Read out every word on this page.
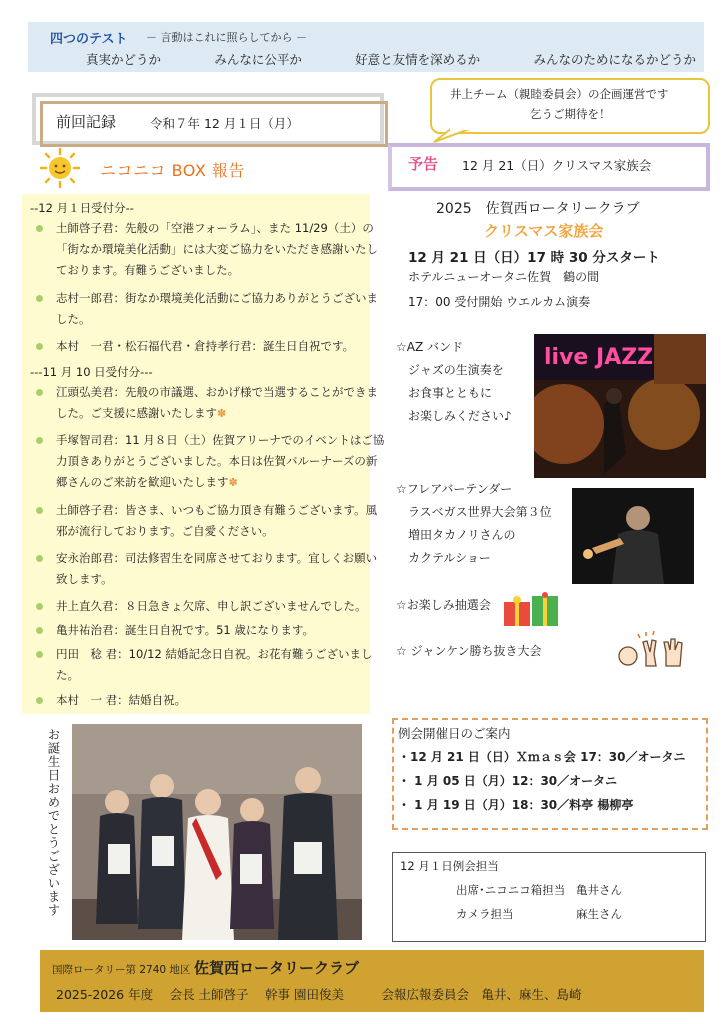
四つのテスト － 言動はこれに照らしてから －
真実かどうか	みんなに公平か	好意と友情を深めるか	みんなのためになるかどうか
前回記録	令和７年 12 月１日（月）
井上チーム（親睦委員会）の企画運営です
乞うご期待を！
予告 12 月 21（日）クリスマス家族会
ニコニコ BOX 報告
--12 月１日受付分--
土師啓子君：先般の「空港フォーラム」、また 11/29（土）の「街なか環境美化活動」には大変ご協力をいただき感謝いたしております。有難うございました。
志村一郎君：街なか環境美化活動にご協力ありがとうございました。
本村　一君・松石福代君・倉持孝行君：誕生日自祝です。
---11 月 10 日受付分---
江頭弘美君：先般の市議選、おかげ様で当選することができました。ご支援に感謝いたします✽
手塚智司君：11 月８日（土）佐賀アリーナでのイベントはご協力頂きありがとうございました。本日は佐賀バルーナーズの新郷さんのご来訪を歓迎いたします✽
土師啓子君：皆さま、いつもご協力頂き有難うございます。風邪が流行しております。ご自愛ください。
安永治郎君：司法修習生を同席させております。宜しくお願い致します。
井上直久君：８日急きょ欠席、申し訳ございませんでした。
亀井祐治君：誕生日自祝です。51 歳になります。
円田　稔 君：10/12 結婚記念日自祝。お花有難うございました。
本村　一 君：結婚自祝。
お誕生日おめでとうございます
2025　佐賀西ロータリークラブ
クリスマス家族会
12 月 21 日（日）17 時 30 分スタート
ホテルニューオータニ佐賀　鶴の間
17：00 受付開始 ウエルカム演奏
☆AZ バンド
ジャズの生演奏を
お食事とともに
お楽しみください♪
live JAZZ
☆フレアバーテンダー
ラスベガス世界大会第３位
増田タカノリさんの
カクテルショー
☆お楽しみ抽選会
☆ ジャンケン勝ち抜き大会
例会開催日のご案内
・12 月 21 日（日）Ｘｍａｓ会 17：30／オータニ
・ 1 月 05 日（月）12：30／オータニ
・ 1 月 19 日（月）18：30／料亭 楊柳亭
12 月１日例会担当
出席･ニコニコ箱担当 亀井さん
カメラ担当	麻生さん
国際ロータリー第 2740 地区 佐賀西ロータリークラブ
2025-2026 年度　 会長 土師啓子　 幹事 園田俊美　　　会報広報委員会　亀井、麻生、島崎
